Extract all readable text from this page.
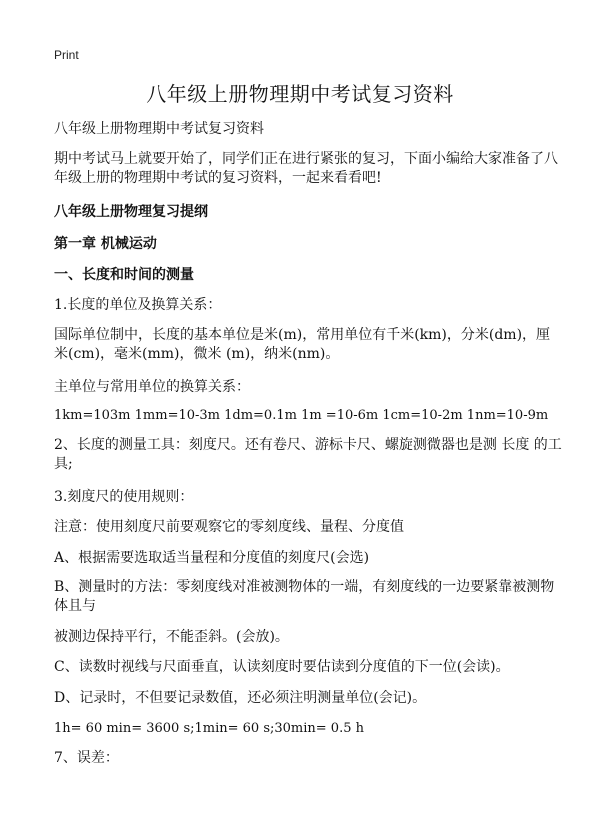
Print
八年级上册物理期中考试复习资料

八年级上册物理期中考试复习资料

期中考试马上就要开始了，同学们正在进行紧张的复习，下面小编给大家准备了八年级上册的物理期中考试的复习资料，一起来看看吧!

八年级上册物理复习提纲

第一章 机械运动

一、长度和时间的测量

1.长度的单位及换算关系：

国际单位制中，长度的基本单位是米(m)，常用单位有千米(km)，分米(dm)，厘米(cm)，毫米(mm)，微米 (m)，纳米(nm)。

主单位与常用单位的换算关系：

1km=103m 1mm=10-3m 1dm=0.1m 1m =10-6m 1cm=10-2m 1nm=10-9m

2、长度的测量工具：刻度尺。还有卷尺、游标卡尺、螺旋测微器也是测 长度 的工具;

3.刻度尺的使用规则：

注意：使用刻度尺前要观察它的零刻度线、量程、分度值

A、根据需要选取适当量程和分度值的刻度尺(会选)

B、测量时的方法：零刻度线对准被测物体的一端，有刻度线的一边要紧靠被测物体且与

被测边保持平行，不能歪斜。(会放)。

C、读数时视线与尺面垂直，认读刻度时要估读到分度值的下一位(会读)。

D、记录时，不但要记录数值，还必须注明测量单位(会记)。

1h= 60 min= 3600 s;1min= 60 s;30min= 0.5 h

7、误差：
